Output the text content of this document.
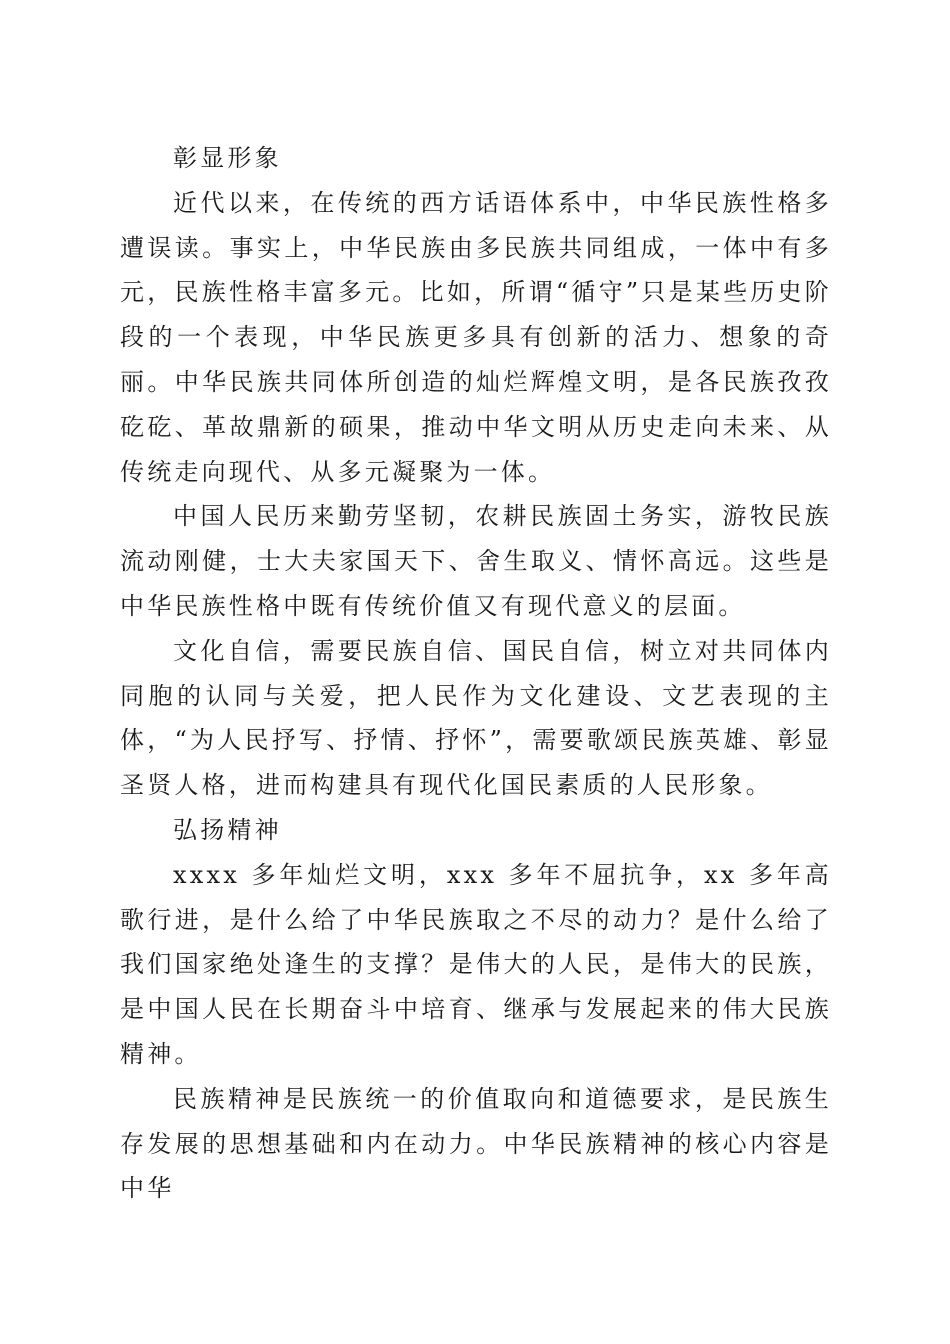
彰显形象

近代以来，在传统的西方话语体系中，中华民族性格多遭误读。事实上，中华民族由多民族共同组成，一体中有多元，民族性格丰富多元。比如，所谓“循守”只是某些历史阶段的一个表现，中华民族更多具有创新的活力、想象的奇丽。中华民族共同体所创造的灿烂辉煌文明，是各民族孜孜矻矻、革故鼎新的硕果，推动中华文明从历史走向未来、从传统走向现代、从多元凝聚为一体。

中国人民历来勤劳坚韧，农耕民族固土务实，游牧民族流动刚健，士大夫家国天下、舍生取义、情怀高远。这些是中华民族性格中既有传统价值又有现代意义的层面。

文化自信，需要民族自信、国民自信，树立对共同体内同胞的认同与关爱，把人民作为文化建设、文艺表现的主体，“为人民抒写、抒情、抒怀”，需要歌颂民族英雄、彰显圣贤人格，进而构建具有现代化国民素质的人民形象。

弘扬精神

xxxx 多年灿烂文明，xxx 多年不屈抗争，xx 多年高歌行进，是什么给了中华民族取之不尽的动力？是什么给了我们国家绝处逢生的支撑？是伟大的人民，是伟大的民族，是中国人民在长期奋斗中培育、继承与发展起来的伟大民族精神。

民族精神是民族统一的价值取向和道德要求，是民族生存发展的思想基础和内在动力。中华民族精神的核心内容是中华
